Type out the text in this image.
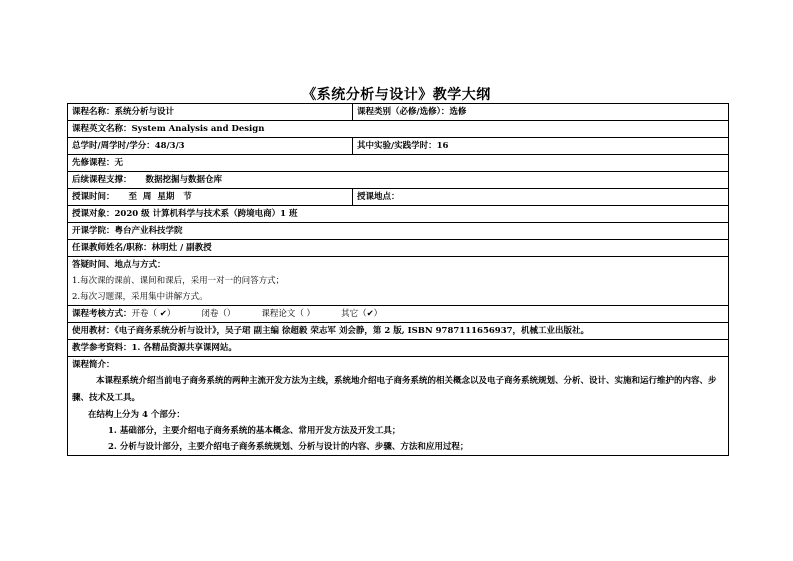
《系统分析与设计》教学大纲
课程名称：系统分析与设计	课程类别（必修/选修）：选修
课程英文名称：System Analysis and Design	
总学时/周学时/学分：48/3/3	其中实验/实践学时：16
先修课程：无	
后续课程支撑： 数据挖掘与数据仓库	
授课时间： 至  周  星期   节	授课地点：
授课对象：2020 级 计算机科学与技术系（跨境电商）1 班	
开课学院：粤台产业科技学院	
任课教师姓名/职称：林明灶 / 副教授	

答疑时间、地点与方式：
1.每次课的课前、课间和课后，采用一对一的问答方式；
2.每次习题课，采用集中讲解方式。	

课程考核方式：开卷（ ✔） 闭卷（） 课程论文（ ） 其它（✔）	
使用教材：《电子商务系统分析与设计》，吴子珺 副主编 徐超毅 荣志军 刘会静，第 2 版, ISBN 9787111656937，机械工业出版社。	
教学参考资料：1. 各精品资源共享课网站。	

课程简介：
本课程系统介绍当前电子商务系统的两种主流开发方法为主线，系统地介绍电子商务系统的相关概念以及电子商务系统规划、分析、设计、实施和运行维护的内容、步骤、技术及工具。
在结构上分为 4 个部分：
1. 基础部分，主要介绍电子商务系统的基本概念、常用开发方法及开发工具；
2. 分析与设计部分，主要介绍电子商务系统规划、分析与设计的内容、步骤、方法和应用过程；	
